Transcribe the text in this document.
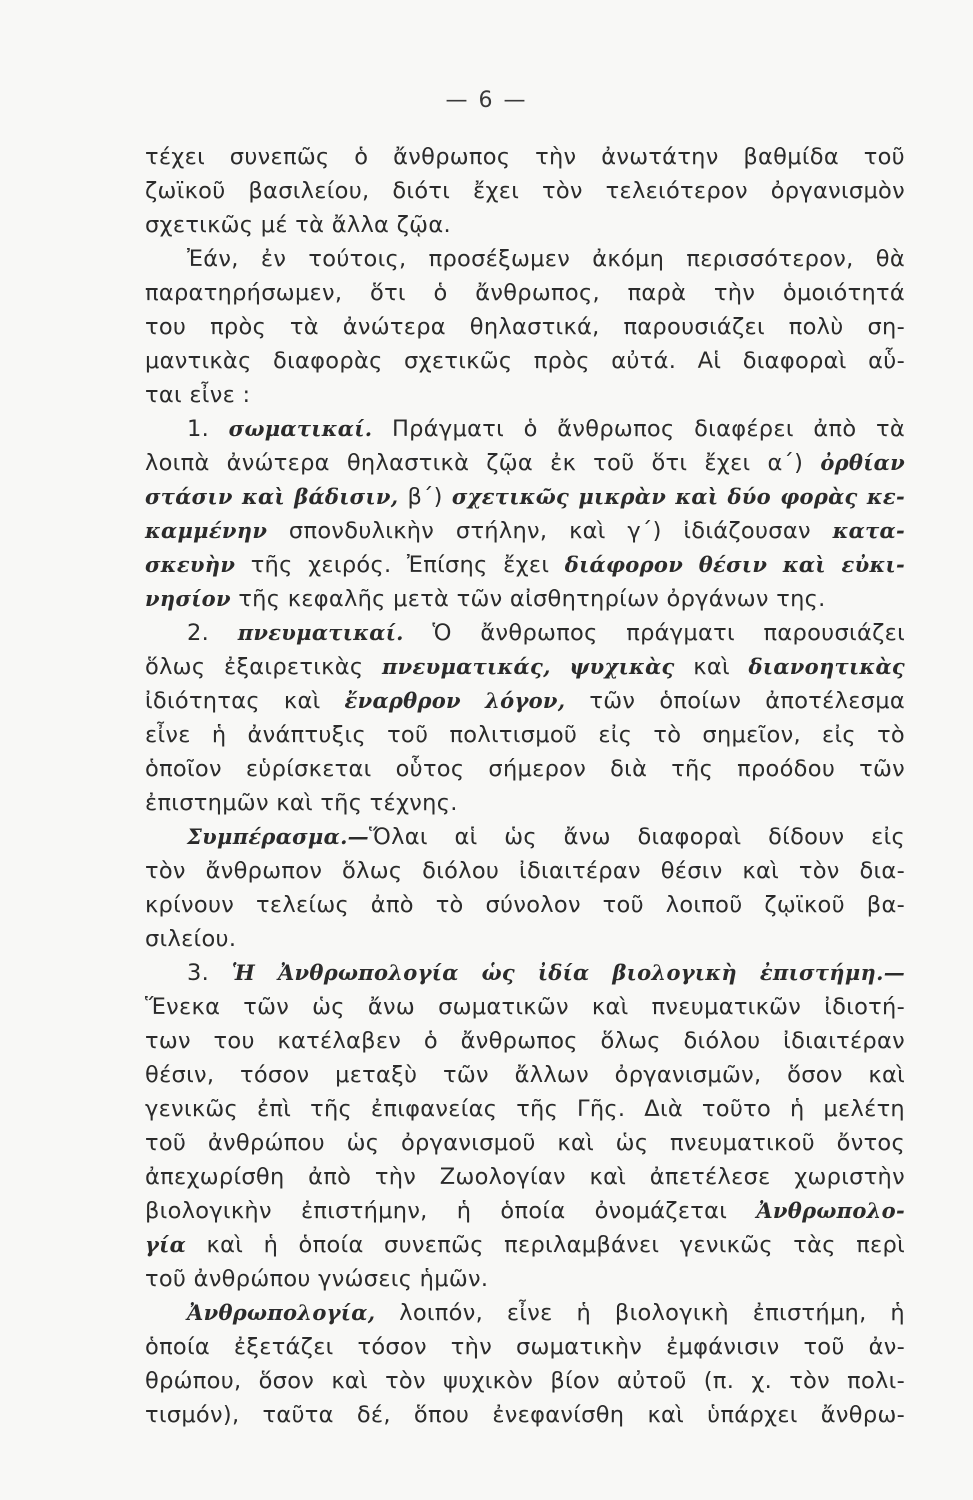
— 6 —
τέχει συνεπῶς ὁ ἄνθρωπος τὴν ἀνωτάτην βαθμίδα τοῦ
ζωϊκοῦ βασιλείου, διότι ἔχει τὸν τελειότερον ὀργανισμὸν
σχετικῶς μέ τὰ ἄλλα ζῷα.
Ἐάν, ἐν τούτοις, προσέξωμεν ἀκόμη περισσότερον, θὰ
παρατηρήσωμεν, ὅτι ὁ ἄνθρωπος, παρὰ τὴν ὁμοιότητά
του πρὸς τὰ ἀνώτερα θηλαστικά, παρουσιάζει πολὺ ση-
μαντικὰς διαφορὰς σχετικῶς πρὸς αὐτά. Αἱ διαφοραὶ αὗ-
ται εἶνε :
1. σωματικαί. Πράγματι ὁ ἄνθρωπος διαφέρει ἀπὸ τὰ
λοιπὰ ἀνώτερα θηλαστικὰ ζῷα ἐκ τοῦ ὅτι ἔχει α΄) ὀρθίαν
στάσιν καὶ βάδισιν, β΄) σχετικῶς μικρὰν καὶ δύο φορὰς κε-
καμμένην σπονδυλικὴν στήλην, καὶ γ΄) ἰδιάζουσαν κατα-
σκευὴν τῆς χειρός. Ἐπίσης ἔχει διάφορον θέσιν καὶ εὐκι-
νησίον τῆς κεφαλῆς μετὰ τῶν αἰσθητηρίων ὀργάνων της.
2. πνευματικαί. Ὁ ἄνθρωπος πράγματι παρουσιάζει
ὅλως ἐξαιρετικὰς πνευματικάς, ψυχικὰς καὶ διανοητικὰς
ἰδιότητας καὶ ἔναρθρον λόγον, τῶν ὁποίων ἀποτέλεσμα
εἶνε ἡ ἀνάπτυξις τοῦ πολιτισμοῦ εἰς τὸ σημεῖον, εἰς τὸ
ὁποῖον εὑρίσκεται οὗτος σήμερον διὰ τῆς προόδου τῶν
ἐπιστημῶν καὶ τῆς τέχνης.
Συμπέρασμα.—Ὅλαι αἱ ὡς ἄνω διαφοραὶ δίδουν εἰς
τὸν ἄνθρωπον ὅλως διόλου ἰδιαιτέραν θέσιν καὶ τὸν δια-
κρίνουν τελείως ἀπὸ τὸ σύνολον τοῦ λοιποῦ ζῳϊκοῦ βα-
σιλείου.
3. Ἡ Ἀνθρωπολογία ὡς ἰδία βιολογικὴ ἐπιστήμη.—
Ἕνεκα τῶν ὡς ἄνω σωματικῶν καὶ πνευματικῶν ἰδιοτή-
των του κατέλαβεν ὁ ἄνθρωπος ὅλως διόλου ἰδιαιτέραν
θέσιν, τόσον μεταξὺ τῶν ἄλλων ὀργανισμῶν, ὅσον καὶ
γενικῶς ἐπὶ τῆς ἐπιφανείας τῆς Γῆς. Διὰ τοῦτο ἡ μελέτη
τοῦ ἀνθρώπου ὡς ὀργανισμοῦ καὶ ὡς πνευματικοῦ ὄντος
ἀπεχωρίσθη ἀπὸ τὴν Ζωολογίαν καὶ ἀπετέλεσε χωριστὴν
βιολογικὴν ἐπιστήμην, ἡ ὁποία ὀνομάζεται Ἀνθρωπολο-
γία καὶ ἡ ὁποία συνεπῶς περιλαμβάνει γενικῶς τὰς περὶ
τοῦ ἀνθρώπου γνώσεις ἡμῶν.
Ἀνθρωπολογία, λοιπόν, εἶνε ἡ βιολογικὴ ἐπιστήμη, ἡ
ὁποία ἐξετάζει τόσον τὴν σωματικὴν ἐμφάνισιν τοῦ ἀν-
θρώπου, ὅσον καὶ τὸν ψυχικὸν βίον αὐτοῦ (π. χ. τὸν πολι-
τισμόν), ταῦτα δέ, ὅπου ἐνεφανίσθη καὶ ὑπάρχει ἄνθρω-
